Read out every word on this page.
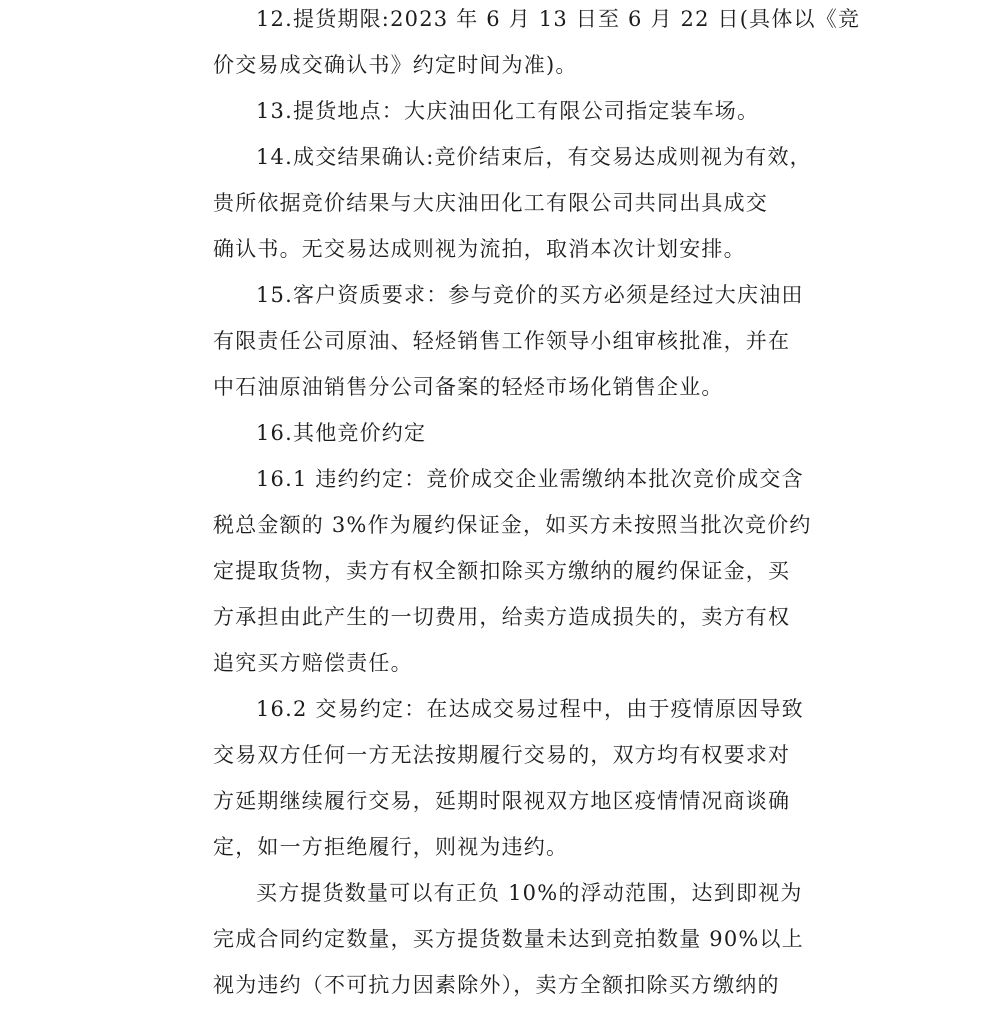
12.提货期限:2023 年 6 月 13 日至 6 月 22 日(具体以《竞
价交易成交确认书》约定时间为准)。
13.提货地点：大庆油田化工有限公司指定装车场。
14.成交结果确认:竞价结束后，有交易达成则视为有效，
贵所依据竞价结果与大庆油田化工有限公司共同出具成交
确认书。无交易达成则视为流拍，取消本次计划安排。
15.客户资质要求：参与竞价的买方必须是经过大庆油田
有限责任公司原油、轻烃销售工作领导小组审核批准，并在
中石油原油销售分公司备案的轻烃市场化销售企业。
16.其他竞价约定
16.1 违约约定：竞价成交企业需缴纳本批次竞价成交含
税总金额的 3%作为履约保证金，如买方未按照当批次竞价约
定提取货物，卖方有权全额扣除买方缴纳的履约保证金，买
方承担由此产生的一切费用，给卖方造成损失的，卖方有权
追究买方赔偿责任。
16.2 交易约定：在达成交易过程中，由于疫情原因导致
交易双方任何一方无法按期履行交易的，双方均有权要求对
方延期继续履行交易，延期时限视双方地区疫情情况商谈确
定，如一方拒绝履行，则视为违约。
买方提货数量可以有正负 10%的浮动范围，达到即视为
完成合同约定数量，买方提货数量未达到竞拍数量 90%以上
视为违约（不可抗力因素除外），卖方全额扣除买方缴纳的
